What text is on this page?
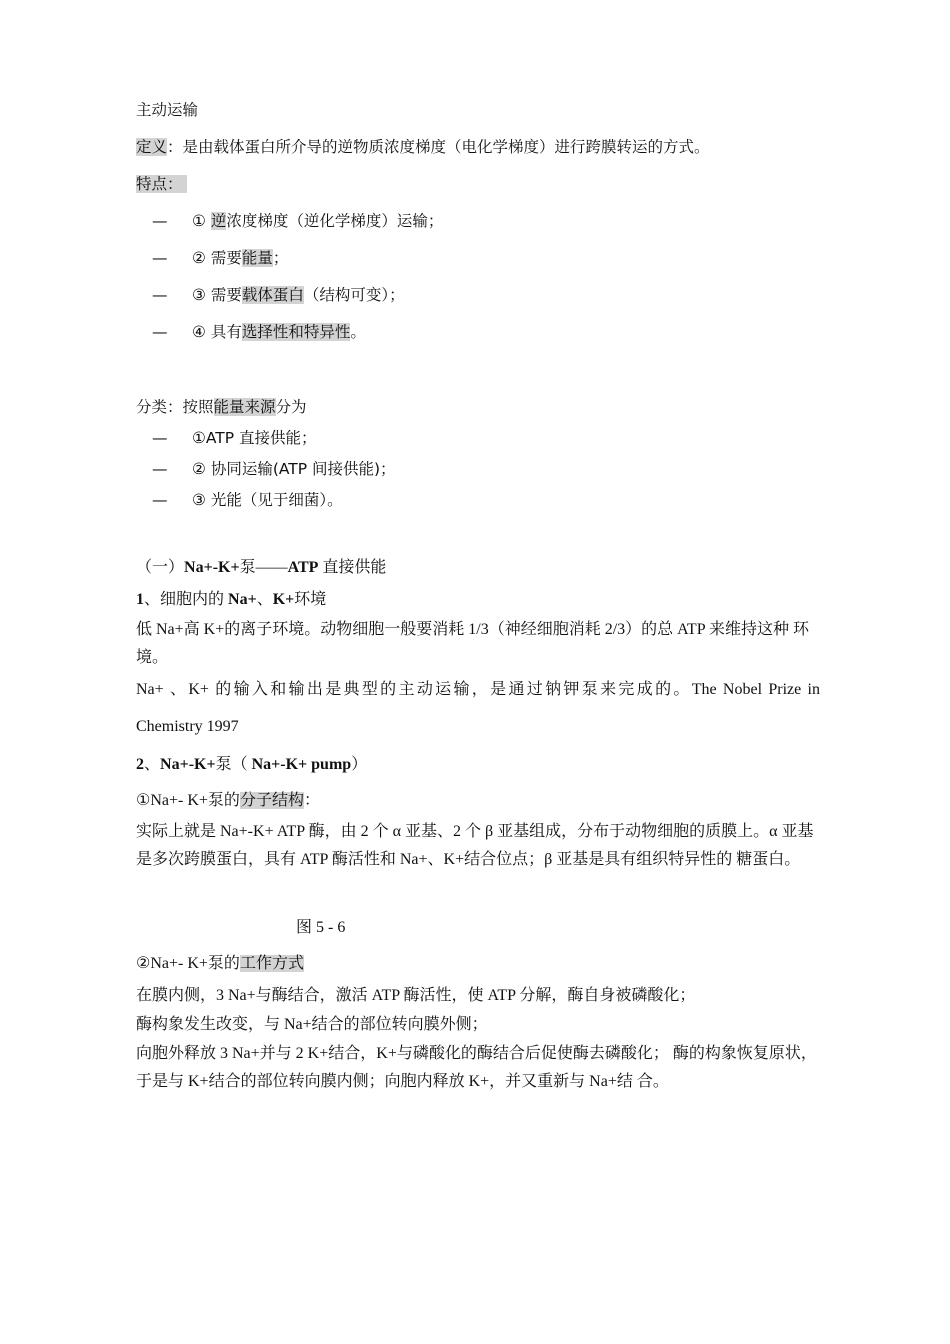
主动运输
定义：是由载体蛋白所介导的逆物质浓度梯度（电化学梯度）进行跨膜转运的方式。
特点：
— ① 逆浓度梯度（逆化学梯度）运输；
— ② 需要能量；
— ③ 需要载体蛋白（结构可变）；
— ④ 具有选择性和特异性。
分类：按照能量来源分为
— ①ATP 直接供能；
— ② 协同运输(ATP 间接供能)；
— ③ 光能（见于细菌）。
（一）Na+-K+泵——ATP 直接供能
1、细胞内的 Na+、K+环境
低 Na+高 K+的离子环境。动物细胞一般要消耗 1/3（神经细胞消耗 2/3）的总 ATP 来维持这种 环境。
Na+ 、K+ 的输入和输出是典型的主动运输，是通过钠钾泵来完成的。The Nobel Prize in
Chemistry 1997
2、Na+-K+泵（ Na+-K+ pump）
①Na+- K+泵的分子结构：
实际上就是 Na+-K+ ATP 酶，由 2 个 α 亚基、2 个 β 亚基组成，分布于动物细胞的质膜上。α 亚基是多次跨膜蛋白，具有 ATP 酶活性和 Na+、K+结合位点；β 亚基是具有组织特异性的 糖蛋白。
图 5 - 6
②Na+- K+泵的工作方式
在膜内侧，3 Na+与酶结合，激活 ATP 酶活性，使 ATP 分解，酶自身被磷酸化；
酶构象发生改变，与 Na+结合的部位转向膜外侧；
向胞外释放 3 Na+并与 2 K+结合，K+与磷酸化的酶结合后促使酶去磷酸化； 酶的构象恢复原状，于是与 K+结合的部位转向膜内侧；向胞内释放 K+，并又重新与 Na+结 合。
